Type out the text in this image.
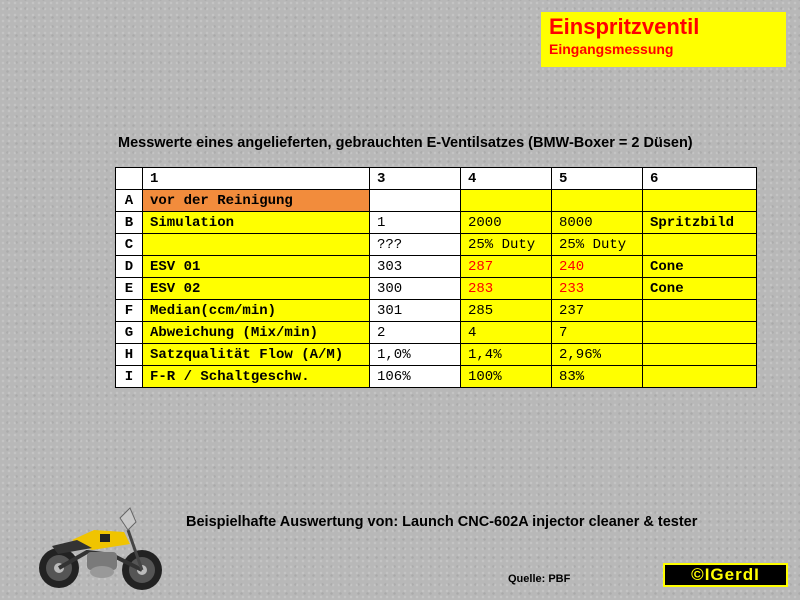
Einspritzventil
Eingangsmessung
Messwerte eines angelieferten, gebrauchten E-Ventilsatzes (BMW-Boxer = 2 Düsen)
	1	3	4	5	6
A	vor der Reinigung				
B	Simulation	1	2000	8000	Spritzbild
C		???	25% Duty	25% Duty	
D	ESV 01	303	287	240	Cone
E	ESV 02	300	283	233	Cone
F	Median(ccm/min)	301	285	237	
G	Abweichung (Mix/min)	2	4	7	
H	Satzqualität Flow (A/M)	1,0%	1,4%	2,96%	
I	F-R / Schaltgeschw.	106%	100%	83%	
Beispielhafte Auswertung von: Launch CNC-602A injector cleaner & tester
Quelle: PBF	©IGerdI
